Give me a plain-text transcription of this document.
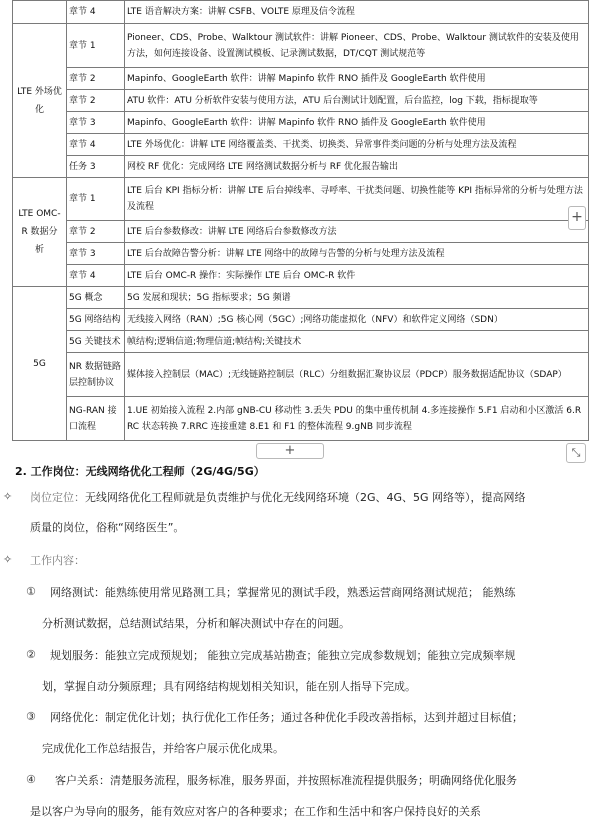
	章节 4	LTE 语音解决方案：讲解 CSFB、VOLTE 原理及信令流程
LTE 外场优化	章节 1	Pioneer、CDS、Probe、Walktour 测试软件：讲解 Pioneer、CDS、Probe、Walktour 测试软件的安装及使用方法，如何连接设备、设置测试模板、记录测试数据，DT/CQT 测试规范等
	章节 2	Mapinfo、GoogleEarth 软件：讲解 Mapinfo 软件 RNO 插件及 GoogleEarth 软件使用
	章节 2	ATU 软件：ATU 分析软件安装与使用方法，ATU 后台测试计划配置，后台监控，log 下载，指标提取等
	章节 3	Mapinfo、GoogleEarth 软件：讲解 Mapinfo 软件 RNO 插件及 GoogleEarth 软件使用
	章节 4	LTE 外场优化：讲解 LTE 网络覆盖类、干扰类、切换类、异常事件类问题的分析与处理方法及流程
	任务 3	网校 RF 优化：完成网络 LTE 网络测试数据分析与 RF 优化报告输出
LTE OMC-R 数据分析	章节 1	LTE 后台 KPI 指标分析：讲解 LTE 后台掉线率、寻呼率、干扰类问题、切换性能等 KPI 指标异常的分析与处理方法及流程
	章节 2	LTE 后台参数修改：讲解 LTE 网络后台参数修改方法
	章节 3	LTE 后台故障告警分析：讲解 LTE 网络中的故障与告警的分析与处理方法及流程
	章节 4	LTE 后台 OMC-R 操作：实际操作 LTE 后台 OMC-R 软件
5G	5G 概念	5G 发展和现状；5G 指标要求；5G 频谱
	5G 网络结构	无线接入网络（RAN）;5G 核心网（5GC）;网络功能虚拟化（NFV）和软件定义网络（SDN）
	5G 关键技术	帧结构;逻辑信道;物理信道;帧结构;关键技术
	NR 数据链路层控制协议	媒体接入控制层（MAC）;无线链路控制层（RLC）分组数据汇聚协议层（PDCP）服务数据适配协议（SDAP）
	NG-RAN 接口流程	1.UE 初始接入流程 2.内部 gNB-CU 移动性 3.丢失 PDU 的集中重传机制 4.多连接操作 5.F1 启动和小区激活 6.RRC 状态转换 7.RRC 连接重建 8.E1 和 F1 的整体流程 9.gNB 同步流程
+
+	⤡
2. 工作岗位：无线网络优化工程师（2G/4G/5G）
✧ 岗位定位：无线网络优化工程师就是负责维护与优化无线网络环境（2G、4G、5G 网络等），提高网络
质量的岗位，俗称“网络医生”。
✧ 工作内容：
① 网络测试：能熟练使用常见路测工具；掌握常见的测试手段，熟悉运营商网络测试规范； 能熟练
分析测试数据，总结测试结果，分析和解决测试中存在的问题。
② 规划服务：能独立完成预规划； 能独立完成基站勘查；能独立完成参数规划；能独立完成频率规
划，掌握自动分频原理；具有网络结构规划相关知识，能在别人指导下完成。
③ 网络优化：制定优化计划；执行优化工作任务；通过各种优化手段改善指标，达到并超过目标值；
完成优化工作总结报告，并给客户展示优化成果。
④ 客户关系：清楚服务流程，服务标准，服务界面，并按照标准流程提供服务；明确网络优化服务
是以客户为导向的服务，能有效应对客户的各种要求；在工作和生活中和客户保持良好的关系
